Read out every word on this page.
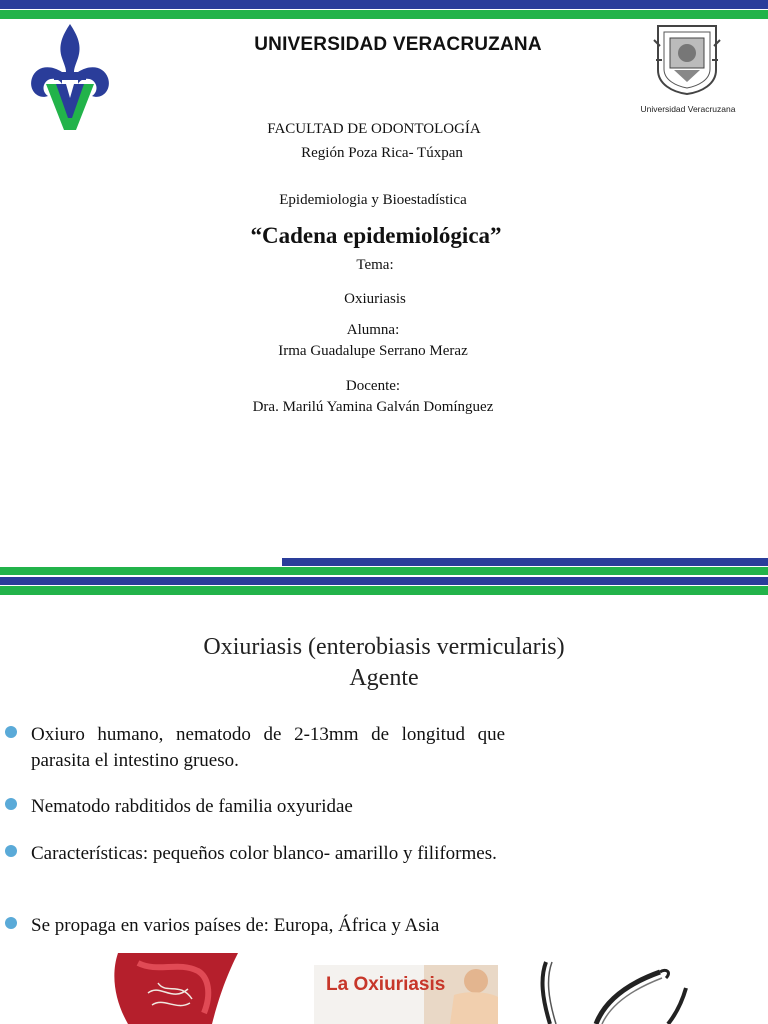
UNIVERSIDAD VERACRUZANA
Universidad Veracruzana
FACULTAD DE ODONTOLOGÍA
Región Poza Rica- Túxpan
Epidemiologia y Bioestadística
“Cadena epidemiológica”
Tema:
Oxiuriasis
Alumna:
Irma Guadalupe Serrano Meraz
Docente:
Dra. Marilú Yamina Galván Domínguez
Oxiuriasis (enterobiasis vermicularis)
Agente
Oxiuro humano, nematodo de 2-13mm de longitud que parasita el intestino grueso.
Nematodo rabditidos de familia oxyuridae
Características: pequeños color blanco- amarillo y filiformes.
Se propaga en varios países de: Europa, África y Asia
La Oxiuriasis
